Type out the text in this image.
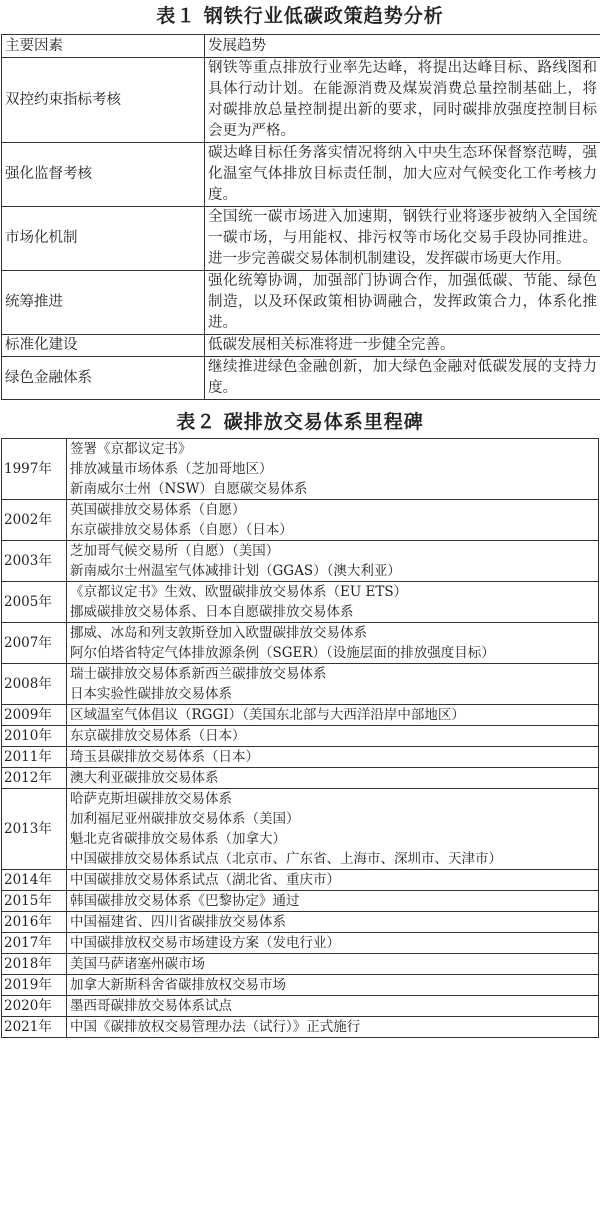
表１ 钢铁行业低碳政策趋势分析
主要因素	发展趋势
双控约束指标考核	钢铁等重点排放行业率先达峰，将提出达峰目标、路线图和具体行动计划。在能源消费及煤炭消费总量控制基础上，将对碳排放总量控制提出新的要求，同时碳排放强度控制目标会更为严格。
强化监督考核	碳达峰目标任务落实情况将纳入中央生态环保督察范畴，强化温室气体排放目标责任制，加大应对气候变化工作考核力度。
市场化机制	全国统一碳市场进入加速期，钢铁行业将逐步被纳入全国统一碳市场，与用能权、排污权等市场化交易手段协同推进。进一步完善碳交易体制机制建设，发挥碳市场更大作用。
统筹推进	强化统筹协调，加强部门协调合作，加强低碳、节能、绿色制造，以及环保政策相协调融合，发挥政策合力，体系化推进。
标准化建设	低碳发展相关标准将进一步健全完善。
绿色金融体系	继续推进绿色金融创新，加大绿色金融对低碳发展的支持力度。
表２ 碳排放交易体系里程碑
1997年	签署《京都议定书》
排放减量市场体系（芝加哥地区）
新南威尔士州（NSW）自愿碳交易体系

2002年	英国碳排放交易体系（自愿）
东京碳排放交易体系（自愿）（日本）

2003年	芝加哥气候交易所（自愿）（美国）
新南威尔士州温室气体减排计划（GGAS）（澳大利亚）

2005年	《京都议定书》生效、欧盟碳排放交易体系（EU ETS）
挪威碳排放交易体系、日本自愿碳排放交易体系

2007年	挪威、冰岛和列支敦斯登加入欧盟碳排放交易体系
阿尔伯塔省特定气体排放源条例（SGER）（设施层面的排放强度目标）

2008年	瑞士碳排放交易体系新西兰碳排放交易体系
日本实验性碳排放交易体系

2009年	区域温室气体倡议（RGGI）（美国东北部与大西洋沿岸中部地区）

2010年	东京碳排放交易体系（日本）

2011年	琦玉县碳排放交易体系（日本）

2012年	澳大利亚碳排放交易体系

2013年	哈萨克斯坦碳排放交易体系
加利福尼亚州碳排放交易体系（美国）
魁北克省碳排放交易体系（加拿大）
中国碳排放交易体系试点（北京市、广东省、上海市、深圳市、天津市）

2014年	中国碳排放交易体系试点（湖北省、重庆市）

2015年	韩国碳排放交易体系《巴黎协定》通过

2016年	中国福建省、四川省碳排放交易体系

2017年	中国碳排放权交易市场建设方案（发电行业）

2018年	美国马萨诸塞州碳市场

2019年	加拿大新斯科舍省碳排放权交易市场

2020年	墨西哥碳排放交易体系试点

2021年	中国《碳排放权交易管理办法（试行）》正式施行
